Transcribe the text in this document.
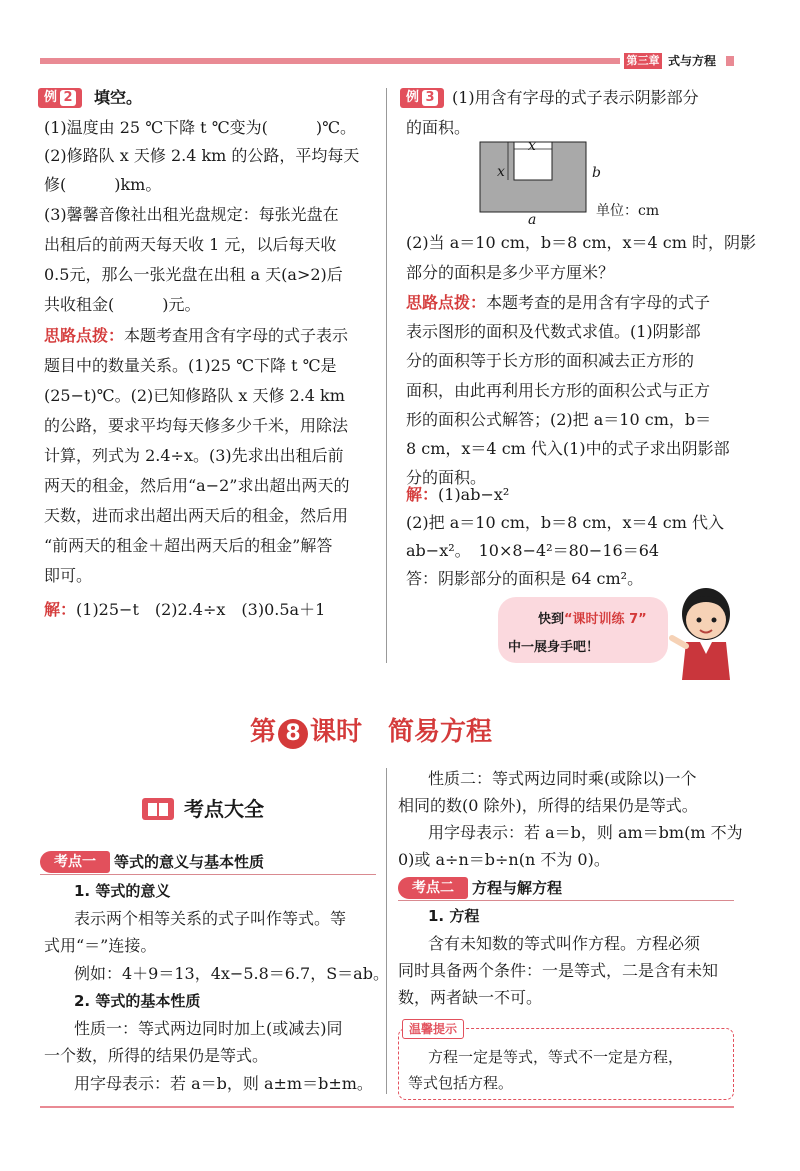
第三章 式与方程
例 2	填空。
(1)温度由 25 ℃下降 t ℃变为(　　　)℃。
(2)修路队 x 天修 2.4 km 的公路，平均每天
修(　　　)km。
(3)馨馨音像社出租光盘规定：每张光盘在
出租后的前两天每天收 1 元，以后每天收
0.5元，那么一张光盘在出租 a 天(a>2)后
共收租金(　　　)元。
思路点拨：本题考查用含有字母的式子表示
题目中的数量关系。(1)25 ℃下降 t ℃是
(25−t)℃。(2)已知修路队 x 天修 2.4 km
的公路，要求平均每天修多少千米，用除法
计算，列式为 2.4÷x。(3)先求出出租后前
两天的租金，然后用“a−2”求出超出两天的
天数，进而求出超出两天后的租金，然后用
“前两天的租金＋超出两天后的租金”解答
即可。
解：(1)25−t　(2)2.4÷x　(3)0.5a＋1
例 3	(1)用含有字母的式子表示阴影部分
的面积。
x
x	b
a
单位：cm
(2)当 a＝10 cm，b＝8 cm，x＝4 cm 时，阴影
部分的面积是多少平方厘米？
思路点拨：本题考查的是用含有字母的式子
表示图形的面积及代数式求值。(1)阴影部
分的面积等于长方形的面积减去正方形的
面积，由此再利用长方形的面积公式与正方
形的面积公式解答；(2)把 a＝10 cm，b＝
8 cm，x＝4 cm 代入(1)中的式子求出阴影部
分的面积。
解：(1)ab−x²
(2)把 a＝10 cm，b＝8 cm，x＝4 cm 代入
ab−x²。　10×8−4²＝80−16＝64
答：阴影部分的面积是 64 cm²。
快到“课时训练 7”
中一展身手吧！
第 8 课时 简易方程
考点大全
考点一	等式的意义与基本性质
1. 等式的意义
表示两个相等关系的式子叫作等式。等
式用“＝”连接。
例如：4＋9＝13，4x−5.8＝6.7，S＝ab。
2. 等式的基本性质
性质一：等式两边同时加上(或减去)同
一个数，所得的结果仍是等式。
用字母表示：若 a＝b，则 a±m＝b±m。
性质二：等式两边同时乘(或除以)一个
相同的数(0 除外)，所得的结果仍是等式。
用字母表示：若 a＝b，则 am＝bm(m 不为
0)或 a÷n＝b÷n(n 不为 0)。
考点二	方程与解方程
1. 方程
含有未知数的等式叫作方程。方程必须
同时具备两个条件：一是等式，二是含有未知
数，两者缺一不可。
温馨提示
方程一定是等式，等式不一定是方程，
等式包括方程。
